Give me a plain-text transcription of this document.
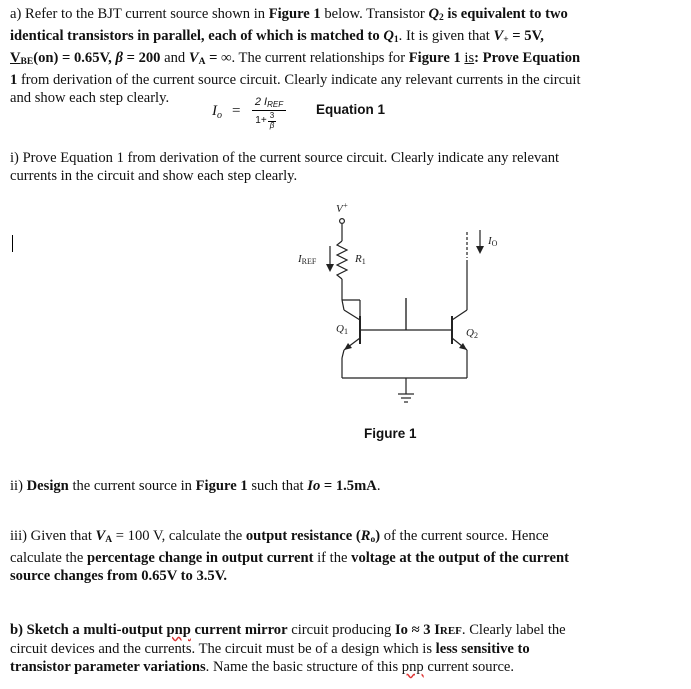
a) Refer to the BJT current source shown in Figure 1 below. Transistor $Q_2$ is equivalent to two
identical transistors in parallel, each of which is matched to $Q_1$. It is given that $V_+ = 5V$,
$V_{BE}(on) = 0.65V$, β = 200 and $V_A$ = ∞. The current relationships for Figure 1 is: Prove Equation
1 from derivation of the current source circuit. Clearly indicate any relevant currents in the circuit
and show each step clearly.
$I_o$ =
2 IREF
1+ 3
β
Equation 1
i) Prove Equation 1 from derivation of the current source circuit. Clearly indicate any relevant
currents in the circuit and show each step clearly.
V+
IREF	R1
Q1	Q2
IO
Figure 1
ii) Design the current source in Figure 1 such that Io = 1.5mA.
iii) Given that $V_A = 100$ V, calculate the output resistance $(R_o)$ of the current source. Hence
calculate the percentage change in output current if the voltage at the output of the current
source changes from 0.65V to 3.5V.
b) Sketch a multi-output pnp current mirror circuit producing Io ≈ 3 IREF. Clearly label the
circuit devices and the currents. The circuit must be of a design which is less sensitive to
transistor parameter variations. Name the basic structure of this pnp current source.
